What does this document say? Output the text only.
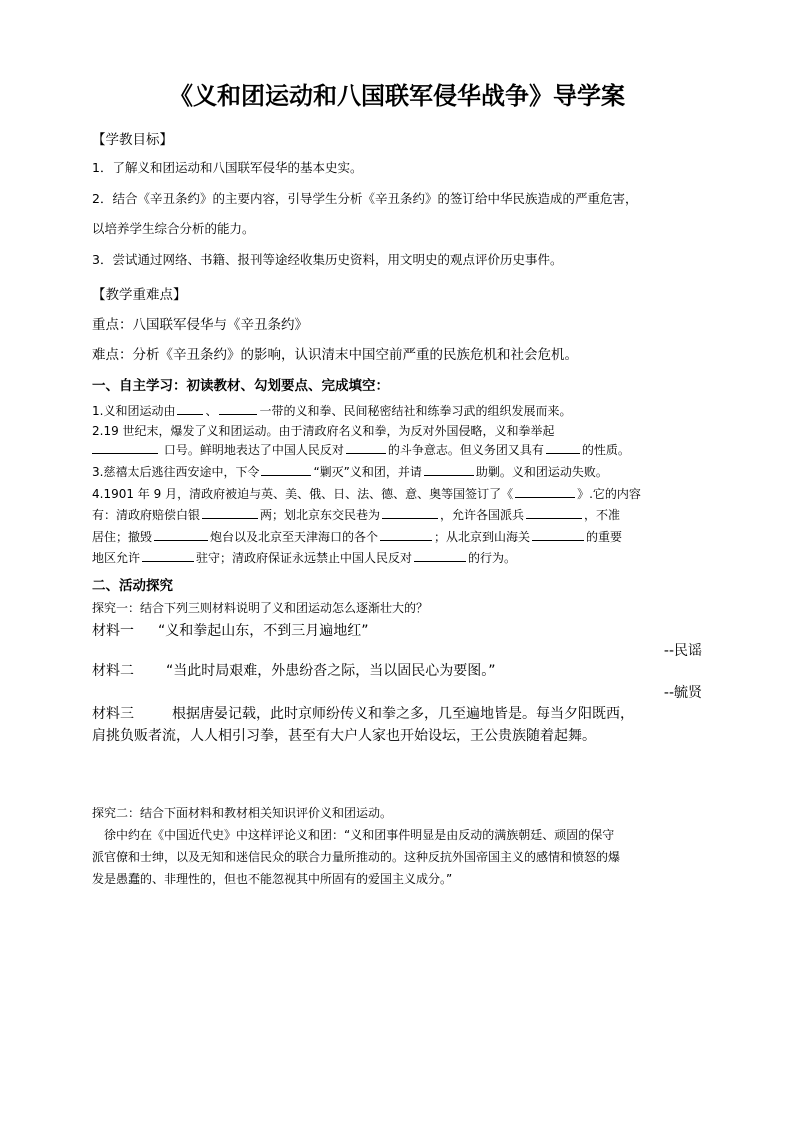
《义和团运动和八国联军侵华战争》导学案
【学教目标】
1．了解义和团运动和八国联军侵华的基本史实。
2．结合《辛丑条约》的主要内容，引导学生分析《辛丑条约》的签订给中华民族造成的严重危害，
以培养学生综合分析的能力。
3．尝试通过网络、书籍、报刊等途经收集历史资料，用文明史的观点评价历史事件。
【教学重难点】
重点：八国联军侵华与《辛丑条约》
难点：分析《辛丑条约》的影响，认识清末中国空前严重的民族危机和社会危机。
一、自主学习：初读教材、勾划要点、完成填空：
1.义和团运动由	、	一带的义和拳、民间秘密结社和练拳习武的组织发展而来。
2.19 世纪末，爆发了义和团运动。由于清政府名义和拳，为反对外国侵略，义和拳举起
口号。鲜明地表达了中国人民反对	的斗争意志。但义务团又具有	的性质。
3.慈禧太后逃往西安途中，下令	“剿灭”义和团，并请	助剿。义和团运动失败。
4.1901 年 9 月，清政府被迫与英、美、俄、日、法、德、意、奥等国签订了《	》.它的内容
有：清政府赔偿白银	两；划北京东交民巷为	，允许各国派兵	，不准
居住；撤毁	炮台以及北京至天津海口的各个	；从北京到山海关	的重要
地区允许	驻守；清政府保证永远禁止中国人民反对	的行为。
二、活动探究
探究一：结合下列三则材料说明了义和团运动怎么逐渐壮大的？
材料一 “义和拳起山东，不到三月遍地红”
--民谣
材料二 “当此时局艰难，外患纷沓之际，当以固民心为要图。”
--毓贤
材料三	根据唐晏记载，此时京师纷传义和拳之多，几至遍地皆是。每当夕阳既西，
肩挑负贩者流，人人相引习拳，甚至有大户人家也开始设坛，王公贵族随着起舞。
探究二：结合下面材料和教材相关知识评价义和团运动。
徐中约在《中国近代史》中这样评论义和团：“义和团事件明显是由反动的满族朝廷、顽固的保守
派官僚和士绅，以及无知和迷信民众的联合力量所推动的。这种反抗外国帝国主义的感情和愤怒的爆
发是愚蠢的、非理性的，但也不能忽视其中所固有的爱国主义成分。”
